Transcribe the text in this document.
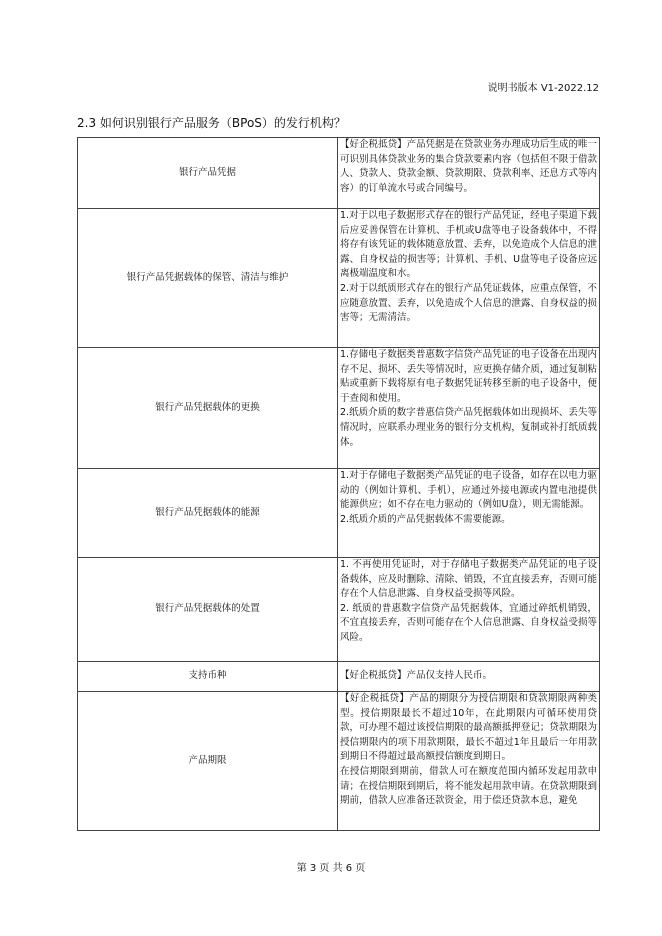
说明书版本 V1-2022.12
2.3 如何识别银行产品服务（BPoS）的发行机构？
银行产品凭据	【好企税抵贷】产品凭据是在贷款业务办理成功后生成的唯一可识别具体贷款业务的集合贷款要素内容（包括但不限于借款人、贷款人、贷款金额、贷款期限、贷款利率、还息方式等内容）的订单流水号或合同编号。

银行产品凭据载体的保管、清洁与维护	1.对于以电子数据形式存在的银行产品凭证，经电子渠道下载后应妥善保管在计算机、手机或U盘等电子设备载体中，不得将存有该凭证的载体随意放置、丢弃，以免造成个人信息的泄露、自身权益的损害等；计算机、手机、U盘等电子设备应远离极端温度和水。
2.对于以纸质形式存在的银行产品凭证载体，应重点保管，不应随意放置、丢弃，以免造成个人信息的泄露、自身权益的损害等；无需清洁。

银行产品凭据载体的更换	1.存储电子数据类普惠数字信贷产品凭证的电子设备在出现内存不足、损坏、丢失等情况时，应更换存储介质，通过复制粘贴或重新下载将原有电子数据凭证转移至新的电子设备中，便于查阅和使用。
2.纸质介质的数字普惠信贷产品凭据载体如出现损坏、丢失等情况时，应联系办理业务的银行分支机构，复制或补打纸质载体。

银行产品凭据载体的能源	1.对于存储电子数据类产品凭证的电子设备，如存在以电力驱动的（例如计算机、手机），应通过外接电源或内置电池提供能源供应；如不存在电力驱动的（例如U盘），则无需能源。
2.纸质介质的产品凭据载体不需要能源。

银行产品凭据载体的处置	1. 不再使用凭证时，对于存储电子数据类产品凭证的电子设备载体，应及时删除、清除、销毁，不宜直接丢弃，否则可能存在个人信息泄露、自身权益受损等风险。
2. 纸质的普惠数字信贷产品凭据载体，宜通过碎纸机销毁，不宜直接丢弃，否则可能存在个人信息泄露、自身权益受损等风险。

支持币种	【好企税抵贷】产品仅支持人民币。

产品期限	【好企税抵贷】产品的期限分为授信期限和贷款期限两种类型。授信期限最长不超过10年，在此期限内可循环使用贷款，可办理不超过该授信期限的最高额抵押登记；贷款期限为授信期限内的项下用款期限，最长不超过1年且最后一年用款到期日不得超过最高额授信额度到期日。
在授信期限到期前，借款人可在额度范围内循环发起用款申请；在授信期限到期后，将不能发起用款申请。在贷款期限到期前，借款人应准备还款资金，用于偿还贷款本息，避免
第 3 页 共 6 页
